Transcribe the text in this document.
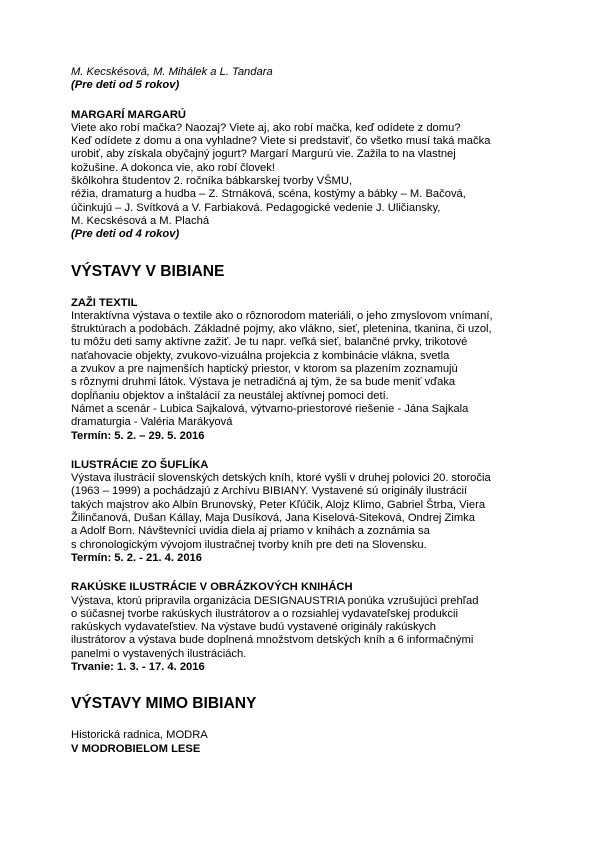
M. Kecskésová, M. Mihálek a L. Tandara
(Pre deti od 5 rokov)
MARGARÍ MARGARÚ
Viete ako robí mačka? Naozaj? Viete aj, ako robí mačka, keď odídete z domu?
Keď odídete z domu a ona vyhladne? Viete si predstaviť, čo všetko musí taká mačka
urobiť, aby získala obyčajný jogurt? Margarí Margurú vie. Zažila to na vlastnej
kožušine. A dokonca vie, ako robí človek!
škôlkohra študentov 2. ročníka bábkarskej tvorby VŠMU,
réžia, dramaturg a hudba – Z. Strnáková, scéna, kostýmy a bábky – M. Bačová,
účinkujú – J. Svítková a V. Farbiaková. Pedagogické vedenie J. Uličiansky,
M. Kecskésová a M. Plachá
(Pre deti od 4 rokov)
VÝSTAVY V BIBIANE
ZAŽI TEXTIL
Interaktívna výstava o textile ako o rôznorodom materiáli, o jeho zmyslovom vnímaní,
štruktúrach a podobách. Základné pojmy, ako vlákno, sieť, pletenina, tkanina, či uzol,
tu môžu deti samy aktívne zažiť. Je tu napr. veľká sieť, balančné prvky, trikotové
naťahovacie objekty, zvukovo-vizuálna projekcia z kombinácie vlákna, svetla
a zvukov a pre najmenších haptický priestor, v ktorom sa plazením zoznamujú
s rôznymi druhmi látok. Výstava je netradičná aj tým, že sa bude meniť vďaka
dopĺňaniu objektov a inštalácií za neustálej aktívnej pomoci detí.
Námet a scenár - Lubica Sajkalová, výtvarno-priestorové riešenie - Jána Sajkala
dramaturgia - Valéria Marákyová
Termín: 5. 2. – 29. 5. 2016
ILUSTRÁCIE ZO ŠUFLÍKA
Výstava ilustrácií slovenských detských kníh, ktoré vyšli v druhej polovici 20. storočia
(1963 – 1999) a pochádzajú z Archívu BIBIANY. Vystavené sú originály ilustrácií
takých majstrov ako Albín Brunovský, Peter Kľúčik, Alojz Klimo, Gabriel Štrba, Viera
Žilinčanová, Dušan Kállay, Maja Dusíková, Jana Kiselová-Siteková, Ondrej Zimka
a Adolf Born. Návštevníci uvidia diela aj priamo v knihách a zoznámia sa
s chronologickým vývojom ilustračnej tvorby kníh pre deti na Slovensku.
Termín: 5. 2. - 21. 4. 2016
RAKÚSKE ILUSTRÁCIE V OBRÁZKOVÝCH KNIHÁCH
Výstava, ktorú pripravila organizácia DESIGNAUSTRIA ponúka vzrušujúci prehľad
o súčasnej tvorbe rakúskych ilustrátorov a o rozsiahlej vydavateľskej produkcii
rakúskych vydavateľstiev. Na výstave budú vystavené originály rakúskych
ilustrátorov a výstava bude doplnená množstvom detských kníh a 6 informačnými
panelmi o vystavených ilustráciách.
Trvanie: 1. 3. - 17. 4. 2016
VÝSTAVY MIMO BIBIANY
Historická radnica, MODRA
V MODROBIELOM LESE
